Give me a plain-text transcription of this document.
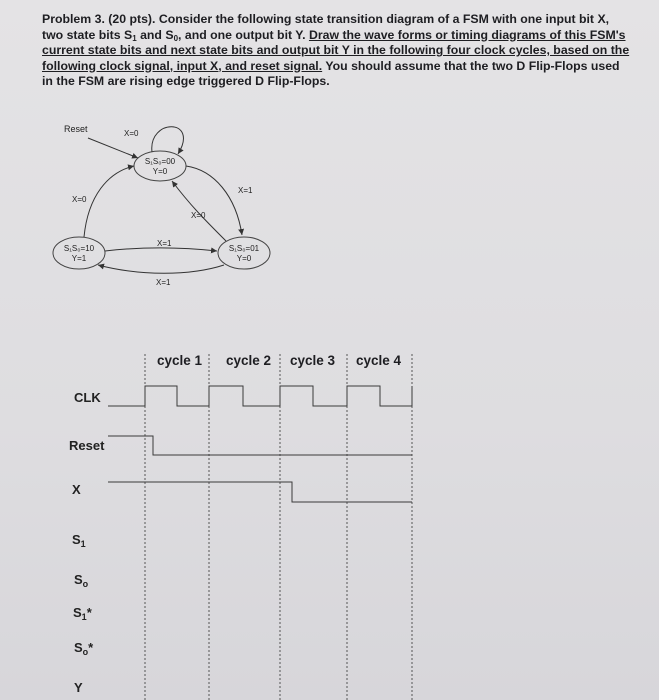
Problem 3. (20 pts). Consider the following state transition diagram of a FSM with one input bit X, two state bits $S_1$ and $S_0$, and one output bit Y. Draw the wave forms or timing diagrams of this FSM's current state bits and next state bits and output bit Y in the following four clock cycles, based on the following clock signal, input X, and reset signal. You should assume that the two D Flip-Flops used in the FSM are rising edge triggered D Flip-Flops.
S₁S₀=00
Y=0
X=0
S₁S₀=10
Y=1
S₁S₀=01
Y=0
X=0
X=1
X=0
X=1
X=1
cycle 1 cycle 2 cycle 3 cycle 4
CLK
Reset
X
$S_1$
$S_o$
$S_1*$
$S_o*$
Y
Reset
